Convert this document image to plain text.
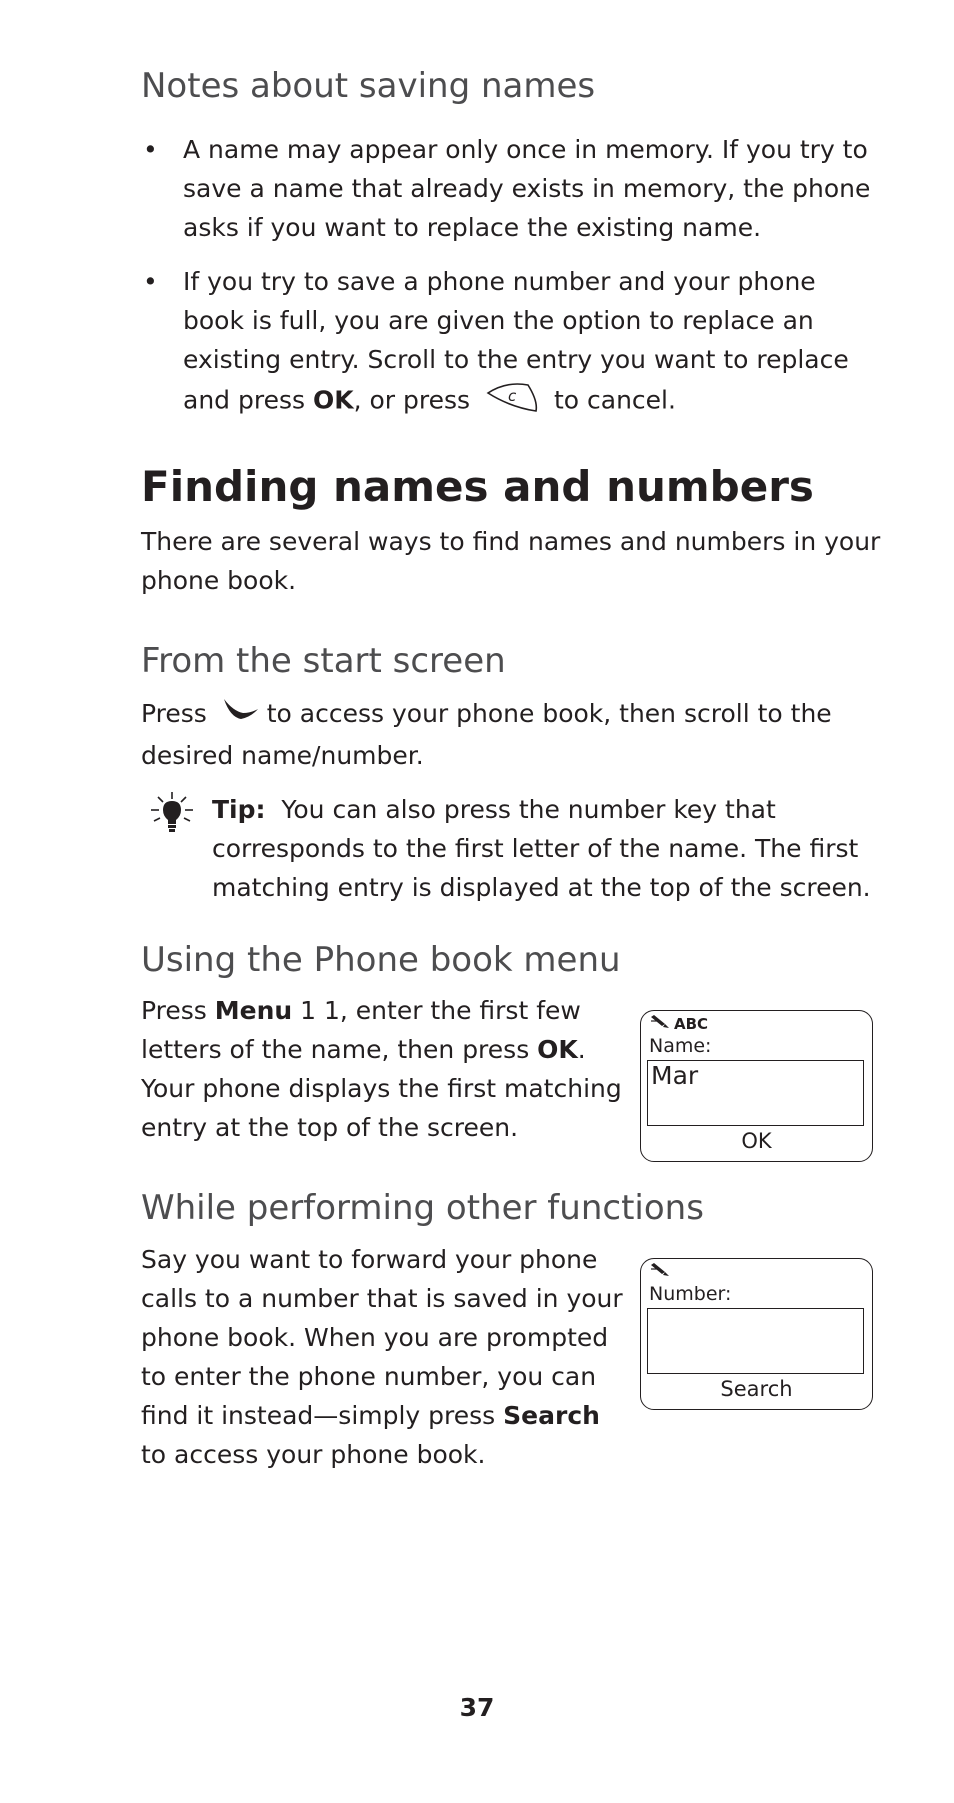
Notes about saving names
• A name may appear only once in memory. If you try to save a name that already exists in memory, the phone asks if you want to replace the existing name.
• If you try to save a phone number and your phone book is full, you are given the option to replace an existing entry. Scroll to the entry you want to replace and press OK, or press	c to cancel.
Finding names and numbers

There are several ways to find names and numbers in your phone book.

From the start screen

Press to access your phone book, then scroll to the desired name/number.

Tip: You can also press the number key that corresponds to the first letter of the name. The first matching entry is displayed at the top of the screen.
Using the Phone book menu

Press Menu 1 1, enter the first few letters of the name, then press OK. Your phone displays the first matching entry at the top of the screen.

ABC
Name:
Mar
OK
While performing other functions

Say you want to forward your phone calls to a number that is saved in your phone book. When you are prompted to enter the phone number, you can find it instead—simply press Search to access your phone book.

Number:
Search
37
